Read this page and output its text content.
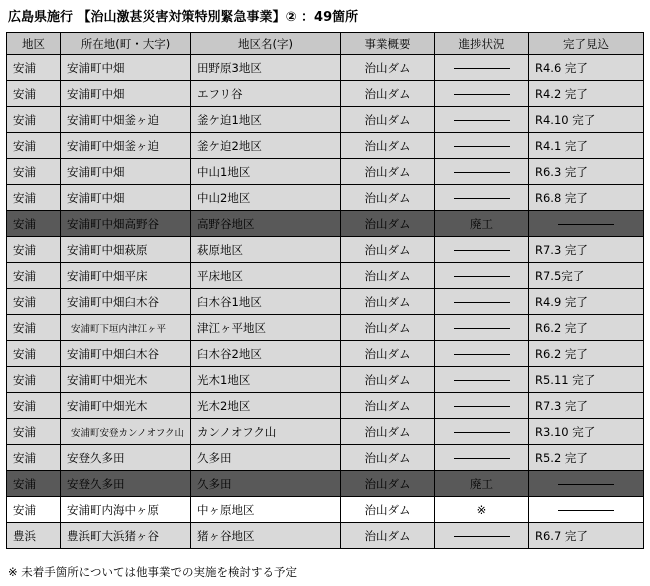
広島県施行 【治山激甚災害対策特別緊急事業】② ：49箇所
地区	所在地(町・大字)	地区名(字)	事業概要	進捗状況	完了見込
安浦	安浦町中畑	田野原3地区	治山ダム		R4.6 完了
安浦	安浦町中畑	エフリ谷	治山ダム		R4.2 完了
安浦	安浦町中畑釜ヶ迫	釜ケ迫1地区	治山ダム		R4.10 完了
安浦	安浦町中畑釜ヶ迫	釜ケ迫2地区	治山ダム		R4.1 完了
安浦	安浦町中畑	中山1地区	治山ダム		R6.3 完了
安浦	安浦町中畑	中山2地区	治山ダム		R6.8 完了
安浦	安浦町中畑高野谷	高野谷地区	治山ダム	廃工	
安浦	安浦町中畑萩原	萩原地区	治山ダム		R7.3 完了
安浦	安浦町中畑平床	平床地区	治山ダム		R7.5完了
安浦	安浦町中畑臼木谷	臼木谷1地区	治山ダム		R4.9 完了
安浦	安浦町下垣内津江ヶ平	津江ヶ平地区	治山ダム		R6.2 完了
安浦	安浦町中畑臼木谷	臼木谷2地区	治山ダム		R6.2 完了
安浦	安浦町中畑光木	光木1地区	治山ダム		R5.11 完了
安浦	安浦町中畑光木	光木2地区	治山ダム		R7.3 完了
安浦	安浦町安登カンノオフク山	カンノオフク山	治山ダム		R3.10 完了
安浦	安登久多田	久多田	治山ダム		R5.2 完了
安浦	安登久多田	久多田	治山ダム	廃工	
安浦	安浦町内海中ヶ原	中ヶ原地区	治山ダム	※	
豊浜	豊浜町大浜猪ヶ谷	猪ヶ谷地区	治山ダム		R6.7 完了
※ 未着手箇所については他事業での実施を検討する予定
